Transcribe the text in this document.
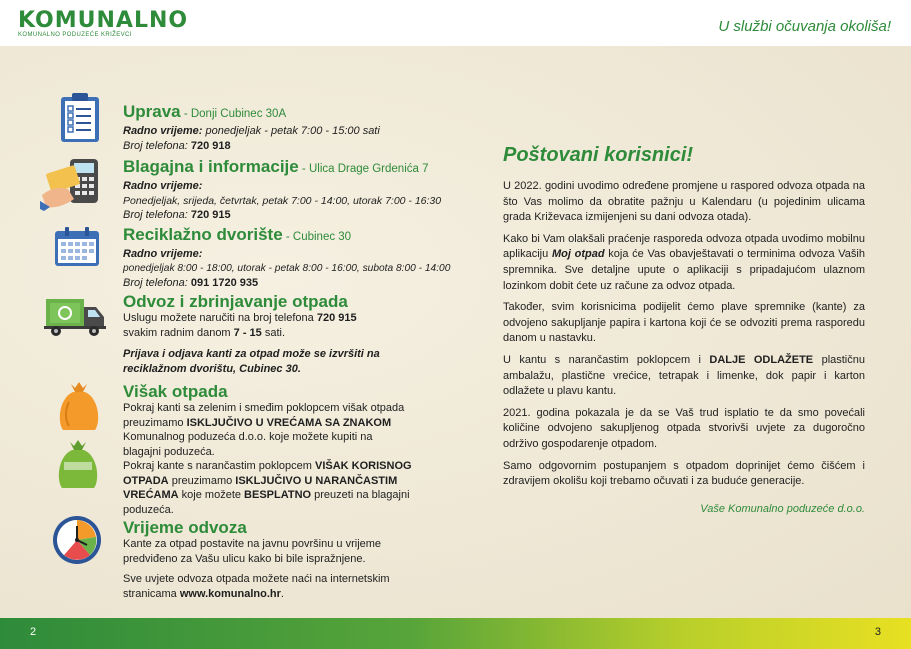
KOMUNALNO
KOMUNALNO PODUZEĆE KRIŽEVCI	U službi očuvanja okoliša!
Uprava - Donji Cubinec 30A
Radno vrijeme: ponedjeljak - petak 7:00 - 15:00 sati
Broj telefona: 720 918
Blagajna i informacije - Ulica Drage Grdenića 7
Radno vrijeme:
Ponedjeljak, srijeda, četvrtak, petak 7:00 - 14:00, utorak 7:00 - 16:30
Broj telefona: 720 915
Reciklažno dvorište - Cubinec 30
Radno vrijeme:
ponedjeljak 8:00 - 18:00, utorak - petak 8:00 - 16:00, subota 8:00 - 14:00
Broj telefona: 091 1720 935
Odvoz i zbrinjavanje otpada
Uslugu možete naručiti na broj telefona 720 915
svakim radnim danom 7 - 15 sati.
Prijava i odjava kanti za otpad može se izvršiti na reciklažnom dvorištu, Cubinec 30.
Višak otpada
Pokraj kanti sa zelenim i smeđim poklopcem višak otpada preuzimamo ISKLJUČIVO U VREĆAMA SA ZNAKOM Komunalnog poduzeća d.o.o. koje možete kupiti na blagajni poduzeća.
Pokraj kante s narančastim poklopcem VIŠAK KORISNOG OTPADA preuzimamo ISKLJUČIVO U NARANČASTIM VREĆAMA koje možete BESPLATNO preuzeti na blagajni poduzeća.
Vrijeme odvoza
Kante za otpad postavite na javnu površinu u vrijeme predviđeno za Vašu ulicu kako bi bile ispražnjene.
Sve uvjete odvoza otpada možete naći na internetskim stranicama www.komunalno.hr.
Poštovani korisnici!

U 2022. godini uvodimo određene promjene u raspored odvoza otpada na što Vas molimo da obratite pažnju u Kalendaru (u pojedinim ulicama grada Križevaca izmijenjeni su dani odvoza otada).

Kako bi Vam olakšali praćenje rasporeda odvoza otpada uvodimo mobilnu aplikaciju Moj otpad koja će Vas obavještavati o terminima odvoza Vaših spremnika. Sve detaljne upute o aplikaciji s pripadajućom ulaznom lozinkom dobit ćete uz račune za odvoz otpada.

Također, svim korisnicima podijelit ćemo plave spremnike (kante) za odvojeno sakupljanje papira i kartona koji će se odvoziti prema rasporedu danom u nastavku.

U kantu s narančastim poklopcem i DALJE ODLAŽETE plastičnu ambalažu, plastične vrećice, tetrapak i limenke, dok papir i karton odlažete u plavu kantu.

2021. godina pokazala je da se Vaš trud isplatio te da smo povećali količine odvojeno sakupljenog otpada stvorivši uvjete za dugoročno održivo gospodarenje otpadom.

Samo odgovornim postupanjem s otpadom doprinijet ćemo čišćem i zdravijem okolišu koji trebamo očuvati i za buduće generacije.

Vaše Komunalno poduzeće d.o.o.
2	3
